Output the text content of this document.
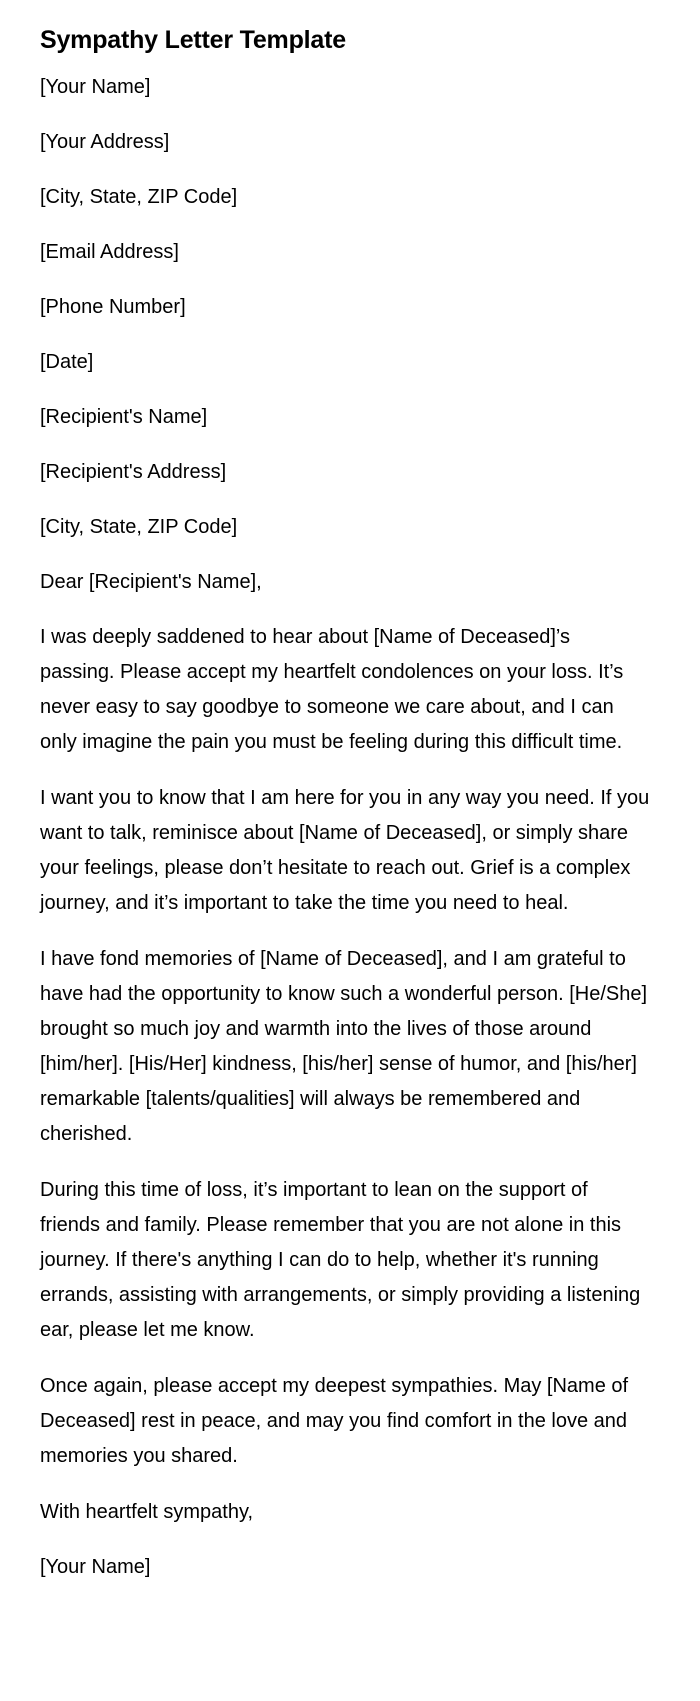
Sympathy Letter Template

[Your Name]

[Your Address]

[City, State, ZIP Code]

[Email Address]

[Phone Number]

[Date]

[Recipient's Name]

[Recipient's Address]

[City, State, ZIP Code]

Dear [Recipient's Name],

I was deeply saddened to hear about [Name of Deceased]’s passing. Please accept my heartfelt condolences on your loss. It’s never easy to say goodbye to someone we care about, and I can only imagine the pain you must be feeling during this difficult time.

I want you to know that I am here for you in any way you need. If you want to talk, reminisce about [Name of Deceased], or simply share your feelings, please don’t hesitate to reach out. Grief is a complex journey, and it’s important to take the time you need to heal.

I have fond memories of [Name of Deceased], and I am grateful to have had the opportunity to know such a wonderful person. [He/She] brought so much joy and warmth into the lives of those around [him/her]. [His/Her] kindness, [his/her] sense of humor, and [his/her] remarkable [talents/qualities] will always be remembered and cherished.

During this time of loss, it’s important to lean on the support of friends and family. Please remember that you are not alone in this journey. If there's anything I can do to help, whether it's running errands, assisting with arrangements, or simply providing a listening ear, please let me know.

Once again, please accept my deepest sympathies. May [Name of Deceased] rest in peace, and may you find comfort in the love and memories you shared.

With heartfelt sympathy,

[Your Name]
